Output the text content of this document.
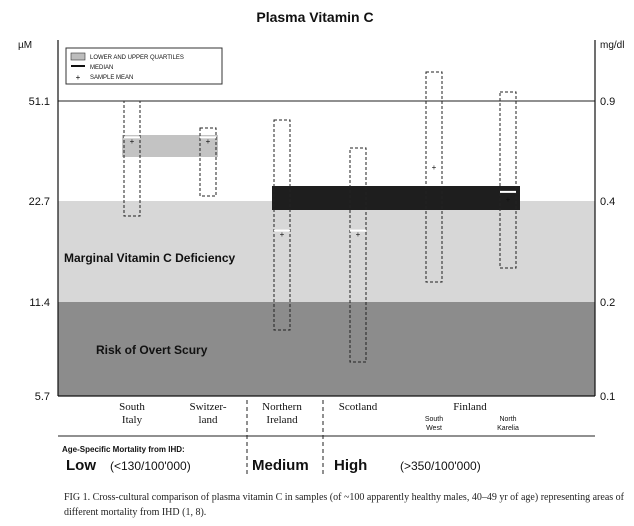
+	+
+	+
+
+
Plasma Vitamin C
µM	mg/dl
51.1
22.7
11.4
5.7
0.9
0.4
0.2
0.1
Marginal Vitamin C Deficiency
Risk of Overt Scury
+
LOWER AND UPPER QUARTILES
MEDIAN
SAMPLE MEAN
South
Italy
Switzer-
land
Northern
Ireland
Scotland	Finland
South
West
North
Karelia
Age-Specific Mortality from IHD:
Low (<130/100'000)	Medium High	(>350/100'000)
FIG 1. Cross-cultural comparison of plasma vitamin C in samples (of ~100 apparently healthy males, 40–49 yr of age) representing areas of different mortality from IHD (1, 8).
